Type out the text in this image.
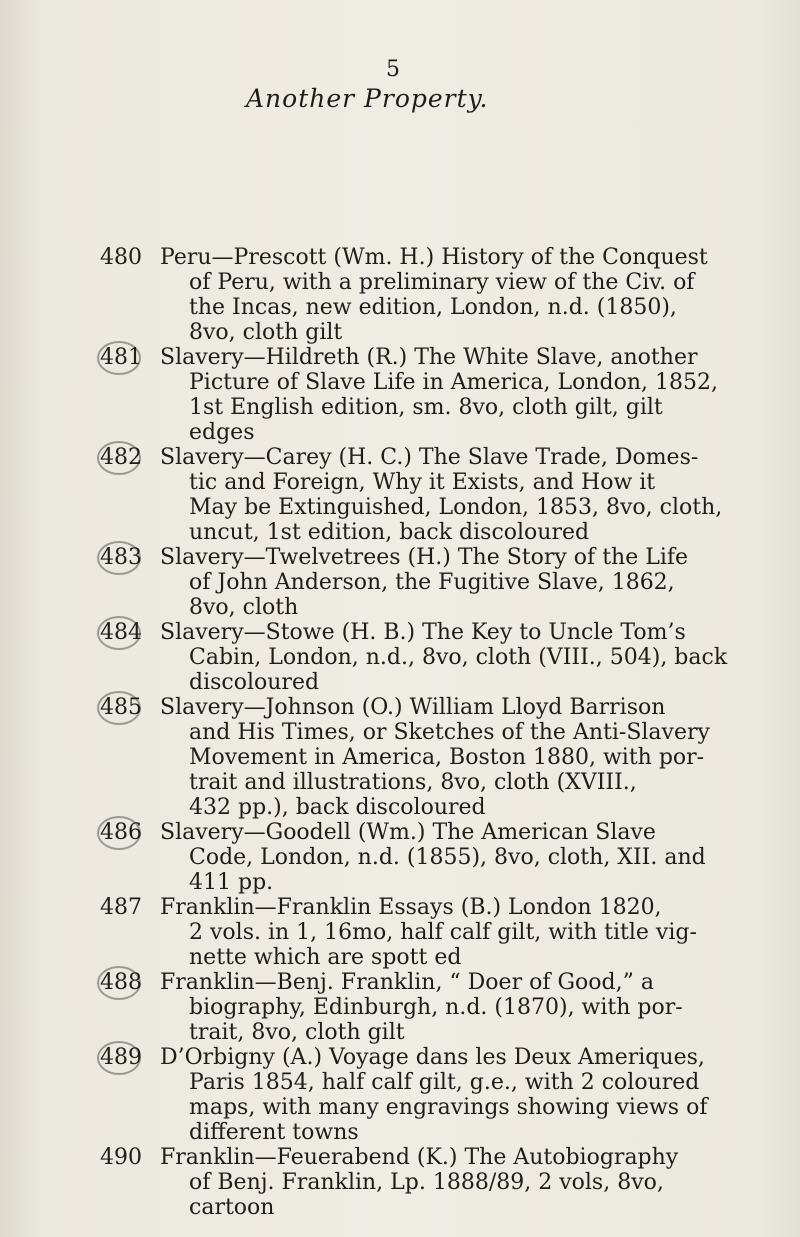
5
Another Property.
480 Peru—Prescott (Wm. H.) History of the Conquest
of Peru, with a preliminary view of the Civ. of
the Incas, new edition, London, n.d. (1850),
8vo, cloth gilt
481 Slavery—Hildreth (R.) The White Slave, another
Picture of Slave Life in America, London, 1852,
1st English edition, sm. 8vo, cloth gilt, gilt
edges
482 Slavery—Carey (H. C.) The Slave Trade, Domes-
tic and Foreign, Why it Exists, and How it
May be Extinguished, London, 1853, 8vo, cloth,
uncut, 1st edition, back discoloured
483 Slavery—Twelvetrees (H.) The Story of the Life
of John Anderson, the Fugitive Slave, 1862,
8vo, cloth
484 Slavery—Stowe (H. B.) The Key to Uncle Tom’s
Cabin, London, n.d., 8vo, cloth (VIII., 504), back
discoloured
485 Slavery—Johnson (O.) William Lloyd Barrison
and His Times, or Sketches of the Anti-Slavery
Movement in America, Boston 1880, with por-
trait and illustrations, 8vo, cloth (XVIII.,
432 pp.), back discoloured
486 Slavery—Goodell (Wm.) The American Slave
Code, London, n.d. (1855), 8vo, cloth, XII. and
411 pp.
487 Franklin—Franklin Essays (B.) London 1820,
2 vols. in 1, 16mo, half calf gilt, with title vig-
nette which are spott ed
488 Franklin—Benj. Franklin, “ Doer of Good,” a
biography, Edinburgh, n.d. (1870), with por-
trait, 8vo, cloth gilt
489 D’Orbigny (A.) Voyage dans les Deux Ameriques,
Paris 1854, half calf gilt, g.e., with 2 coloured
maps, with many engravings showing views of
different towns
490 Franklin—Feuerabend (K.) The Autobiography
of Benj. Franklin, Lp. 1888/89, 2 vols, 8vo,
cartoon
